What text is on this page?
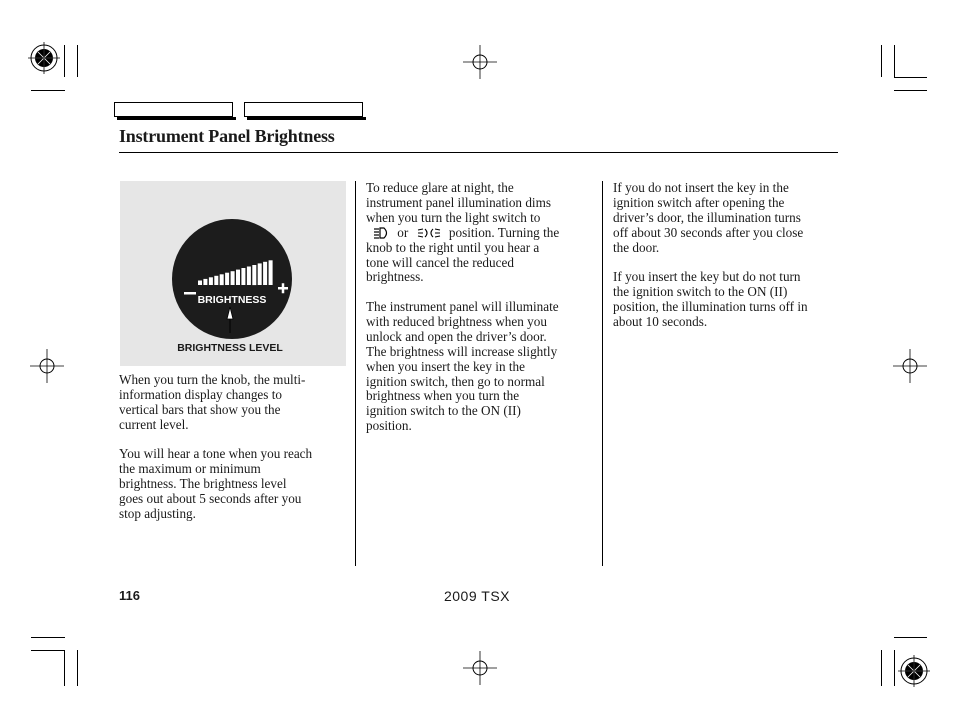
Instrument Panel Brightness
BRIGHTNESS
BRIGHTNESS LEVEL
When you turn the knob, the multi-
information display changes to
vertical bars that show you the
current level.
You will hear a tone when you reach
the maximum or minimum
brightness. The brightness level
goes out about 5 seconds after you
stop adjusting.
To reduce glare at night, the
instrument panel illumination dims
when you turn the light switch to
or	position. Turning the
knob to the right until you hear a
tone will cancel the reduced
brightness.
The instrument panel will illuminate
with reduced brightness when you
unlock and open the driver’s door.
The brightness will increase slightly
when you insert the key in the
ignition switch, then go to normal
brightness when you turn the
ignition switch to the ON (II)
position.
If you do not insert the key in the
ignition switch after opening the
driver’s door, the illumination turns
off about 30 seconds after you close
the door.
If you insert the key but do not turn
the ignition switch to the ON (II)
position, the illumination turns off in
about 10 seconds.
116	2009 TSX
